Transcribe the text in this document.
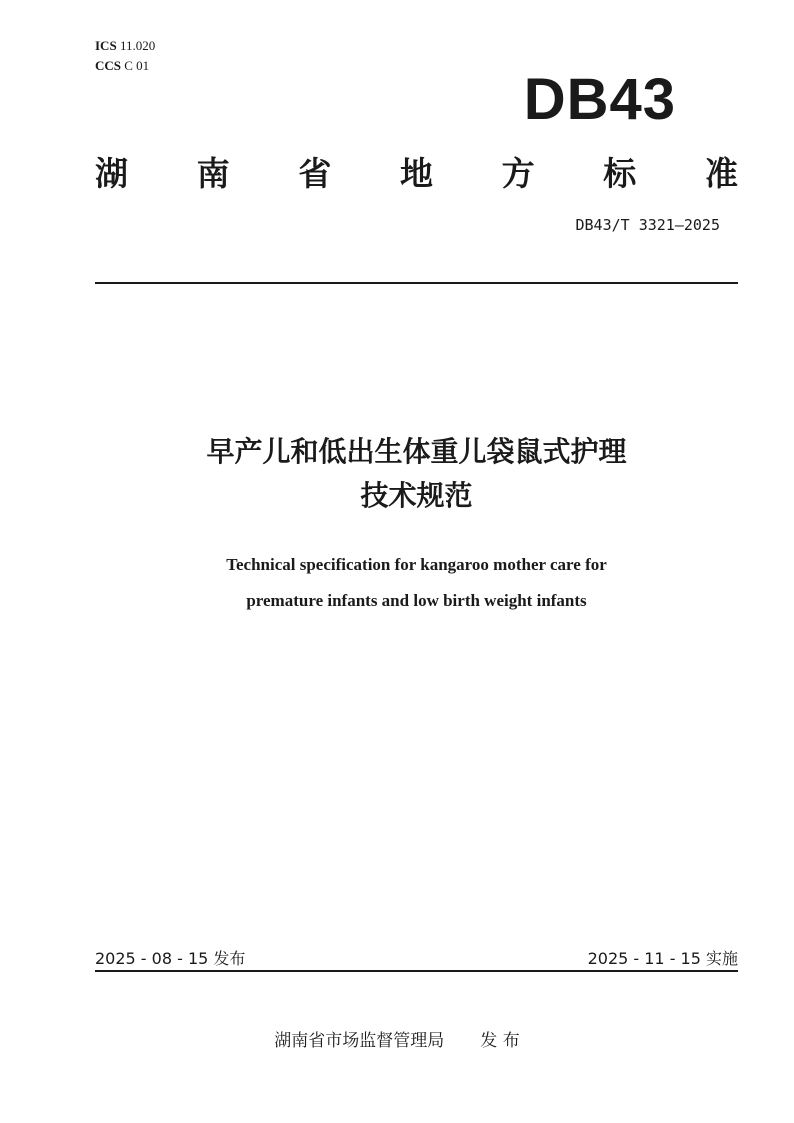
ICS 11.020
CCS C 01
DB43
湖 南 省 地 方 标 准
DB43/T 3321—2025
早产儿和低出生体重儿袋鼠式护理
技术规范
Technical specification for kangaroo mother care for
premature infants and low birth weight infants
2025 - 08 - 15 发布	2025 - 11 - 15 实施
湖南省市场监督管理局 发 布
